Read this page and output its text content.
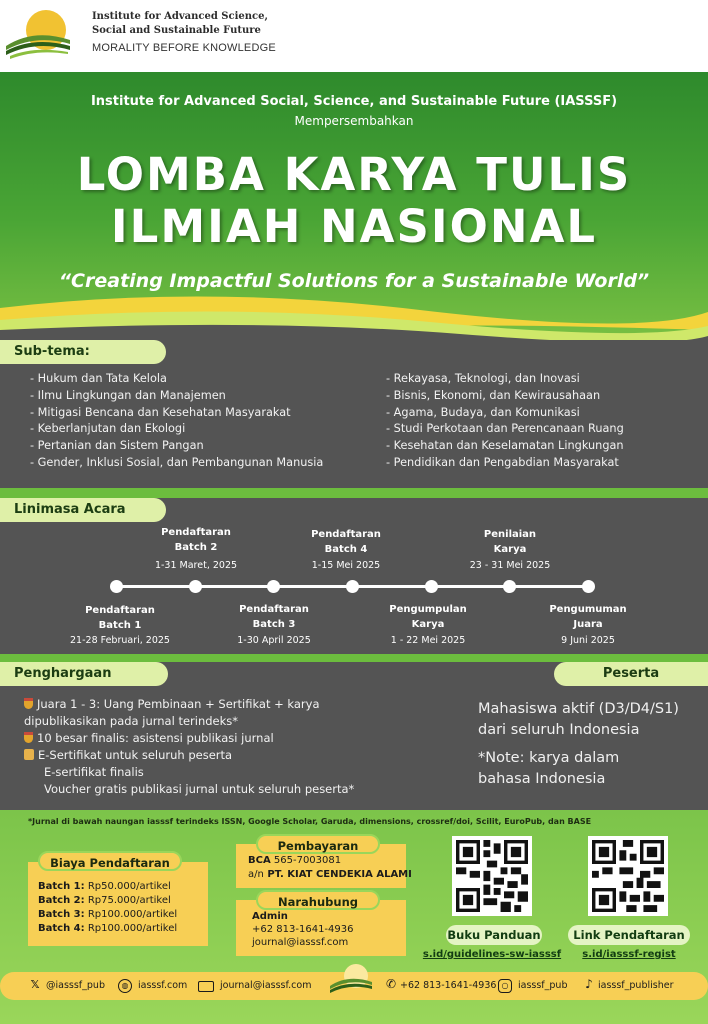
Institute for Advanced Science,
Social and Sustainable Future
MORALITY BEFORE KNOWLEDGE
Institute for Advanced Social, Science, and Sustainable Future (IASSSF)
Mempersembahkan
LOMBA KARYA TULIS
ILMIAH NASIONAL
“Creating Impactful Solutions for a Sustainable World”
Sub-tema:
- Hukum dan Tata Kelola
- Ilmu Lingkungan dan Manajemen
- Mitigasi Bencana dan Kesehatan Masyarakat
- Keberlanjutan dan Ekologi
- Pertanian dan Sistem Pangan
- Gender, Inklusi Sosial, dan Pembangunan Manusia
- Rekayasa, Teknologi, dan Inovasi
- Bisnis, Ekonomi, dan Kewirausahaan
- Agama, Budaya, dan Komunikasi
- Studi Perkotaan dan Perencanaan Ruang
- Kesehatan dan Keselamatan Lingkungan
- Pendidikan dan Pengabdian Masyarakat
Linimasa Acara
Pendaftaran
Batch 2
1-31 Maret, 2025
Pendaftaran
Batch 4
1-15 Mei 2025
Penilaian
Karya
23 - 31 Mei 2025
Pendaftaran
Batch 1
21-28 Februari, 2025
Pendaftaran
Batch 3
1-30 April 2025
Pengumpulan
Karya
1 - 22 Mei 2025
Pengumuman
Juara
9 Juni 2025
Penghargaan	Peserta
Juara 1 - 3: Uang Pembinaan + Sertifikat + karya
dipublikasikan pada jurnal terindeks*
10 besar finalis: asistensi publikasi jurnal
E-Sertifikat untuk seluruh peserta
E-sertifikat finalis
Voucher gratis publikasi jurnal untuk seluruh peserta*
Mahasiswa aktif (D3/D4/S1)
dari seluruh Indonesia
*Note: karya dalam
bahasa Indonesia
*Jurnal di bawah naungan iasssf terindeks ISSN, Google Scholar, Garuda, dimensions, crossref/doi, Scilit, EuroPub, dan BASE
Biaya Pendaftaran
Batch 1: Rp50.000/artikel
Batch 2: Rp75.000/artikel
Batch 3: Rp100.000/artikel
Batch 4: Rp100.000/artikel
Pembayaran
BCA 565-7003081
a/n PT. KIAT CENDEKIA ALAMI
Narahubung
Admin
+62 813-1641-4936
journal@iasssf.com
Buku Panduan
s.id/guidelines-sw-iasssf
Link Pendaftaran
s.id/iasssf-regist
𝕏 @iasssf_pub	◍	iasssf.com	journal@iasssf.com	✆ +62 813-1641-4936 ○	iasssf_pub ♪ iasssf_publisher
